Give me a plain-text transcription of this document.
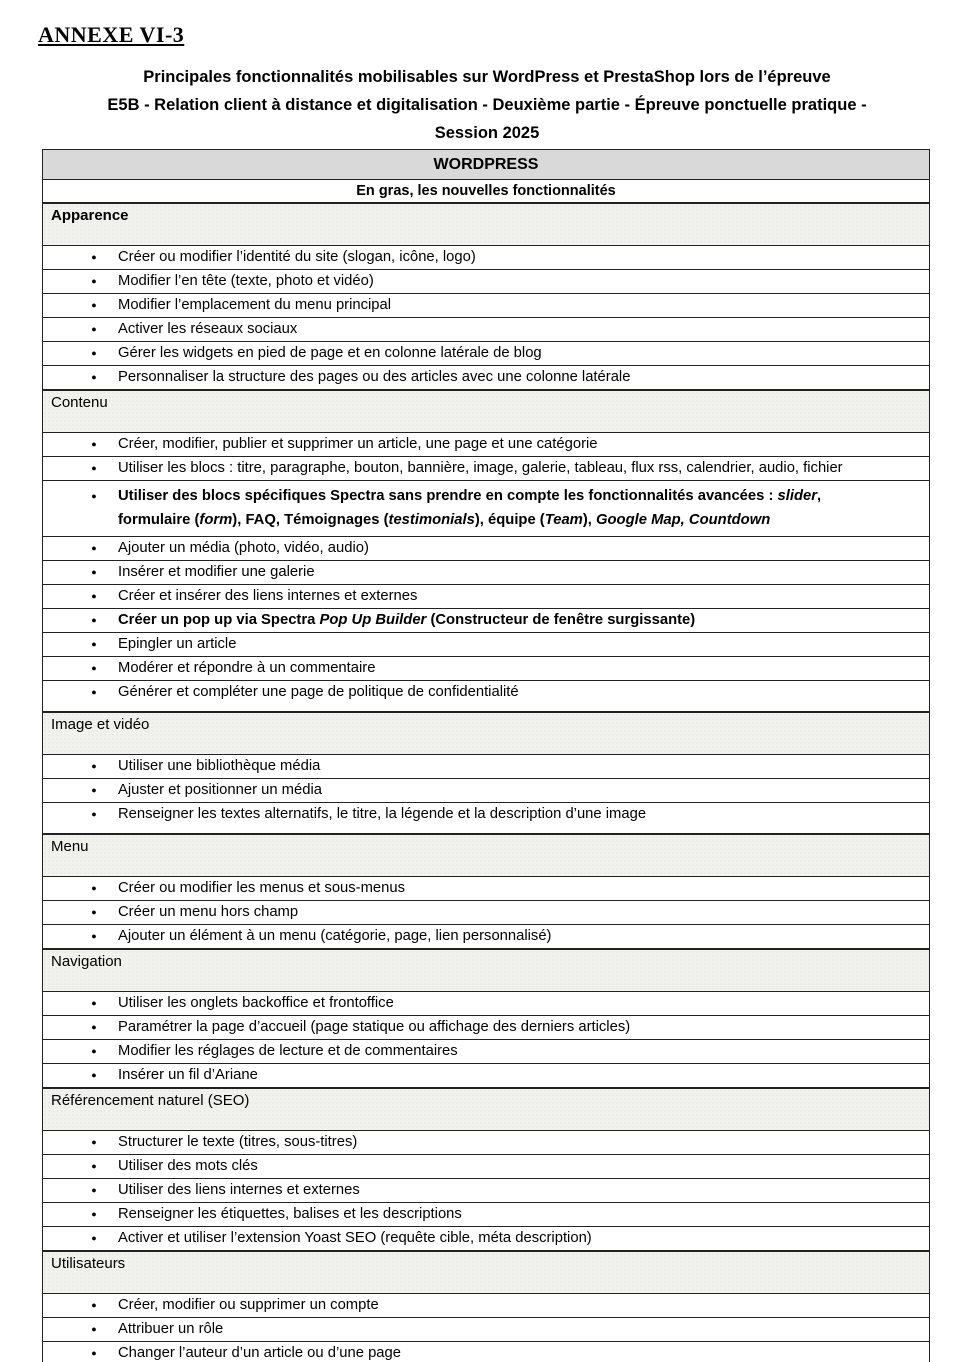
ANNEXE VI-3
Principales fonctionnalités mobilisables sur WordPress et PrestaShop lors de l’épreuve
E5B - Relation client à distance et digitalisation - Deuxième partie - Épreuve ponctuelle pratique -
Session 2025
WORDPRESS
En gras, les nouvelles fonctionnalités
Apparence
● Créer ou modifier l’identité du site (slogan, icône, logo)
● Modifier l’en tête (texte, photo et vidéo)
● Modifier l’emplacement du menu principal
● Activer les réseaux sociaux
● Gérer les widgets en pied de page et en colonne latérale de blog
● Personnaliser la structure des pages ou des articles avec une colonne latérale
Contenu
● Créer, modifier, publier et supprimer un article, une page et une catégorie
● Utiliser les blocs : titre, paragraphe, bouton, bannière, image, galerie, tableau, flux rss, calendrier, audio, fichier
● Utiliser des blocs spécifiques Spectra sans prendre en compte les fonctionnalités avancées : slider,
formulaire (form), FAQ, Témoignages (testimonials), équipe (Team), Google Map, Countdown
● Ajouter un média (photo, vidéo, audio)
● Insérer et modifier une galerie
● Créer et insérer des liens internes et externes
● Créer un pop up via Spectra Pop Up Builder (Constructeur de fenêtre surgissante)
● Epingler un article
● Modérer et répondre à un commentaire
● Générer et compléter une page de politique de confidentialité
Image et vidéo
● Utiliser une bibliothèque média
● Ajuster et positionner un média
● Renseigner les textes alternatifs, le titre, la légende et la description d’une image
Menu
● Créer ou modifier les menus et sous-menus
● Créer un menu hors champ
● Ajouter un élément à un menu (catégorie, page, lien personnalisé)
Navigation
● Utiliser les onglets backoffice et frontoffice
● Paramétrer la page d’accueil (page statique ou affichage des derniers articles)
● Modifier les réglages de lecture et de commentaires
● Insérer un fil d’Ariane
Référencement naturel (SEO)
● Structurer le texte (titres, sous-titres)
● Utiliser des mots clés
● Utiliser des liens internes et externes
● Renseigner les étiquettes, balises et les descriptions
● Activer et utiliser l’extension Yoast SEO (requête cible, méta description)
Utilisateurs
● Créer, modifier ou supprimer un compte
● Attribuer un rôle
● Changer l’auteur d’un article ou d’une page
